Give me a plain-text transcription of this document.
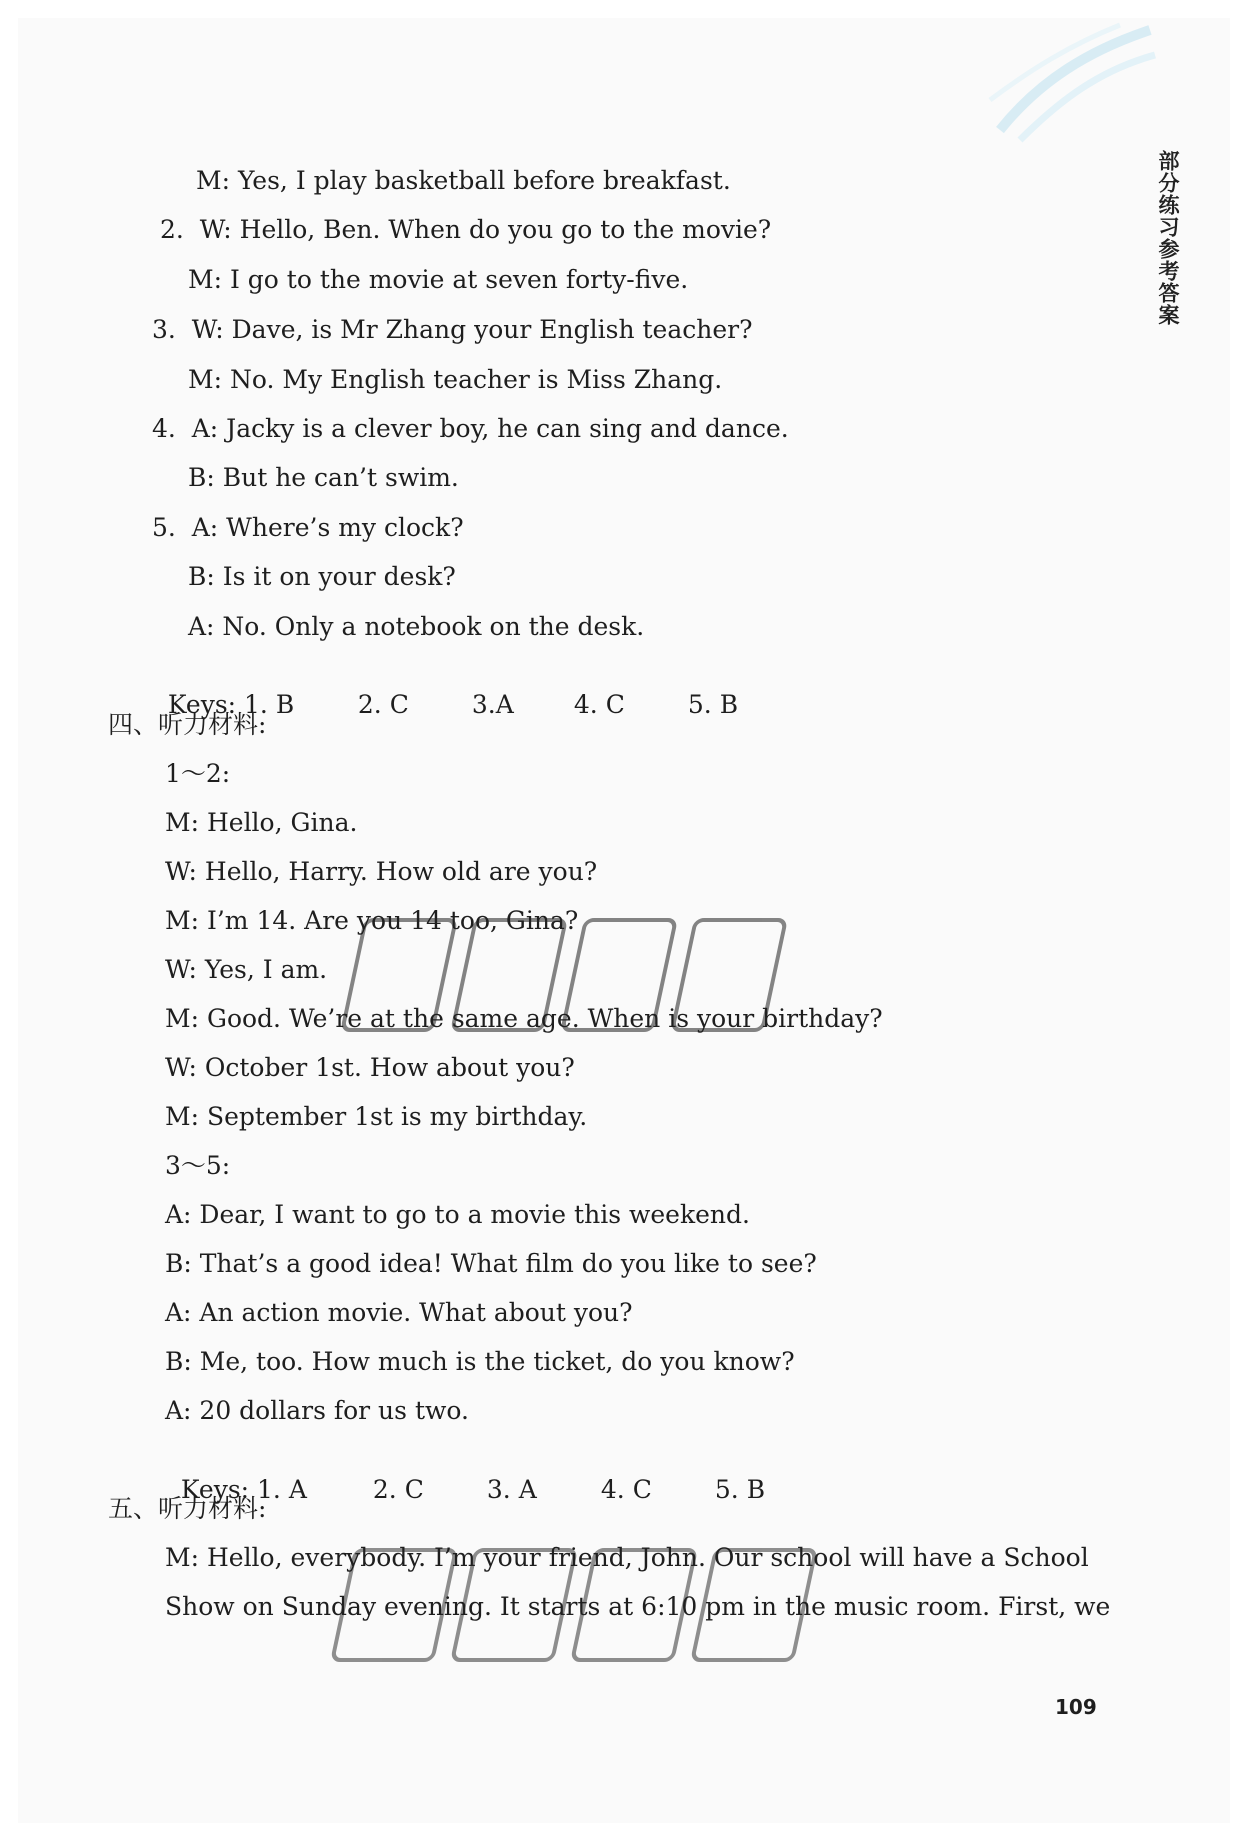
部分练习参考答案
M: Yes, I play basketball before breakfast.
2.  W: Hello, Ben. When do you go to the movie?
M: I go to the movie at seven forty-five.
3.  W: Dave, is Mr Zhang your English teacher?
M: No. My English teacher is Miss Zhang.
4.  A: Jacky is a clever boy, he can sing and dance.
B: But he can’t swim.
5.  A: Where’s my clock?
B: Is it on your desk?
A: No. Only a notebook on the desk.

Keys: 1. B	2. C	3.A 4. C	5. B

四、听力材料:
1～2:
M: Hello, Gina.
W: Hello, Harry. How old are you?
M: I’m 14. Are you 14 too, Gina?
W: Yes, I am.
M: Good. We’re at the same age. When is your birthday?
W: October 1st. How about you?
M: September 1st is my birthday.
3～5:
A: Dear, I want to go to a movie this weekend.
B: That’s a good idea! What film do you like to see?
A: An action movie. What about you?
B: Me, too. How much is the ticket, do you know?
A: 20 dollars for us two.

Keys: 1. A	2. C	3. A	4. C	5. B

五、听力材料:
M: Hello, everybody. I’m your friend, John. Our school will have a School
Show on Sunday evening. It starts at 6:10 pm in the music room. First, we
109
